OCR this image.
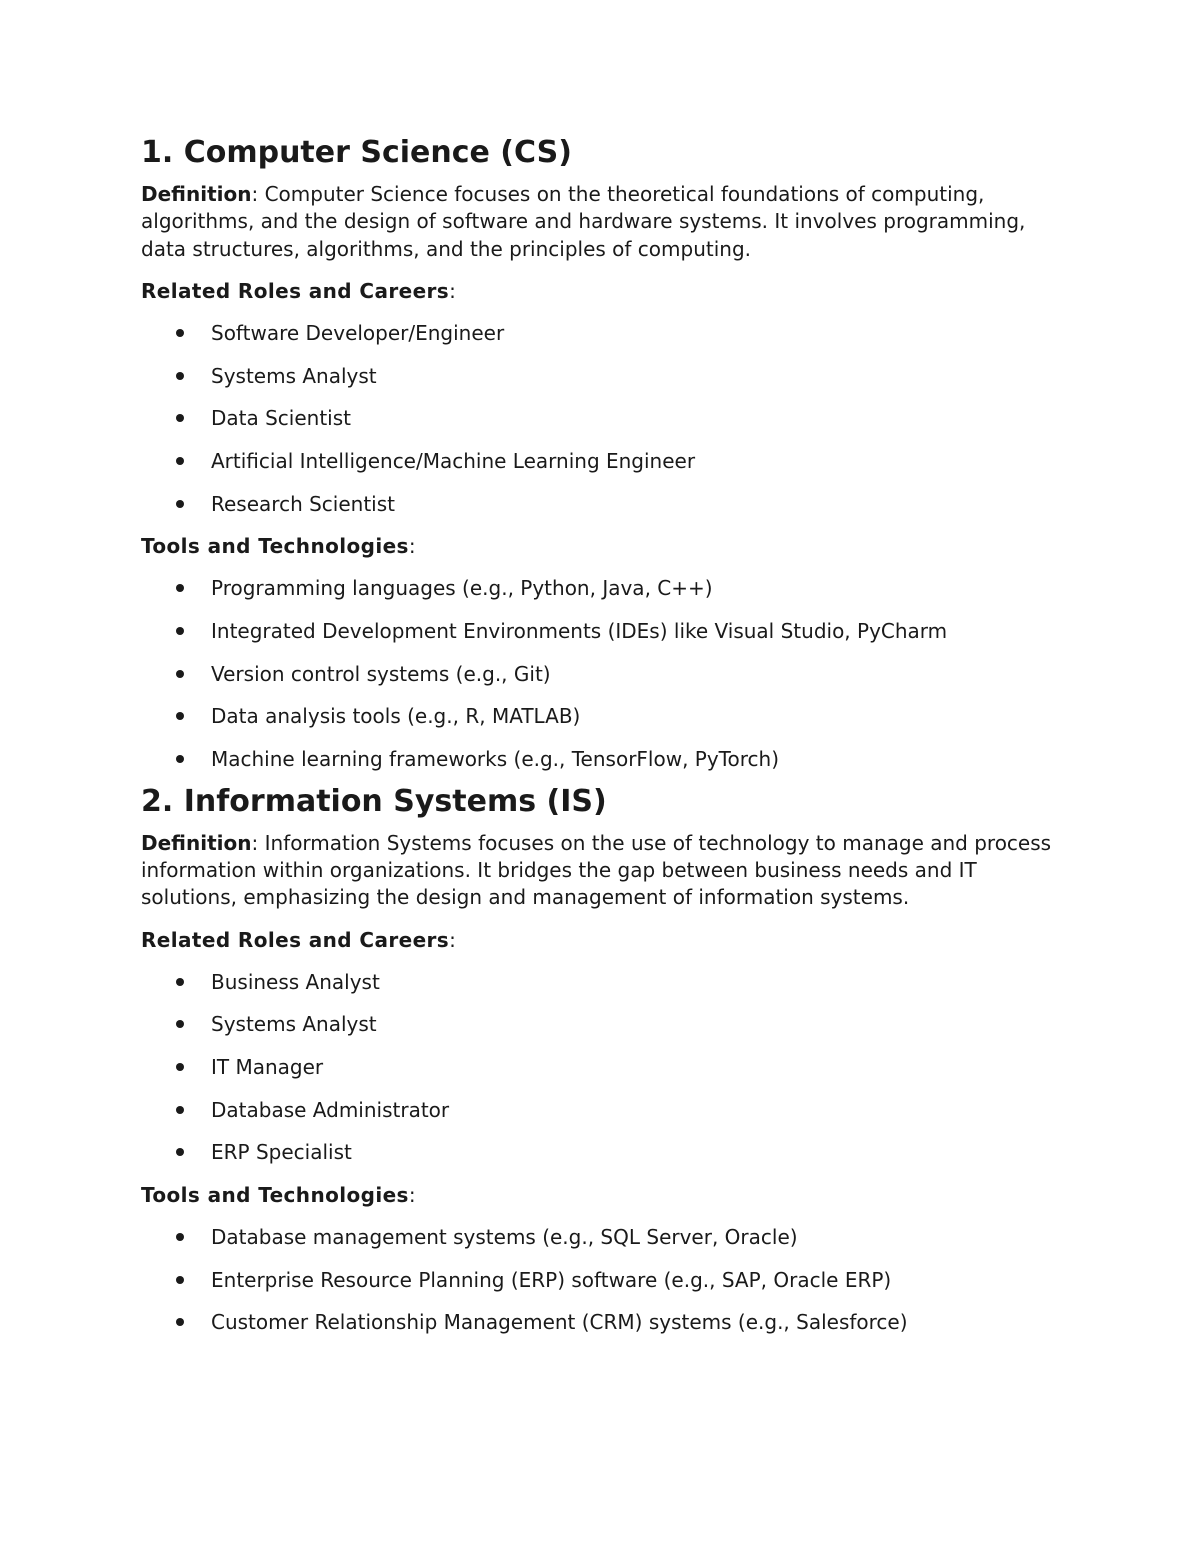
1. Computer Science (CS)

Definition: Computer Science focuses on the theoretical foundations of computing, algorithms, and the design of software and hardware systems. It involves programming, data structures, algorithms, and the principles of computing.

Related Roles and Careers:

Software Developer/Engineer
Systems Analyst
Data Scientist
Artificial Intelligence/Machine Learning Engineer
Research Scientist

Tools and Technologies:

Programming languages (e.g., Python, Java, C++)
Integrated Development Environments (IDEs) like Visual Studio, PyCharm
Version control systems (e.g., Git)
Data analysis tools (e.g., R, MATLAB)
Machine learning frameworks (e.g., TensorFlow, PyTorch)
2. Information Systems (IS)

Definition: Information Systems focuses on the use of technology to manage and process information within organizations. It bridges the gap between business needs and IT solutions, emphasizing the design and management of information systems.

Related Roles and Careers:

Business Analyst
Systems Analyst
IT Manager
Database Administrator
ERP Specialist

Tools and Technologies:

Database management systems (e.g., SQL Server, Oracle)
Enterprise Resource Planning (ERP) software (e.g., SAP, Oracle ERP)
Customer Relationship Management (CRM) systems (e.g., Salesforce)
